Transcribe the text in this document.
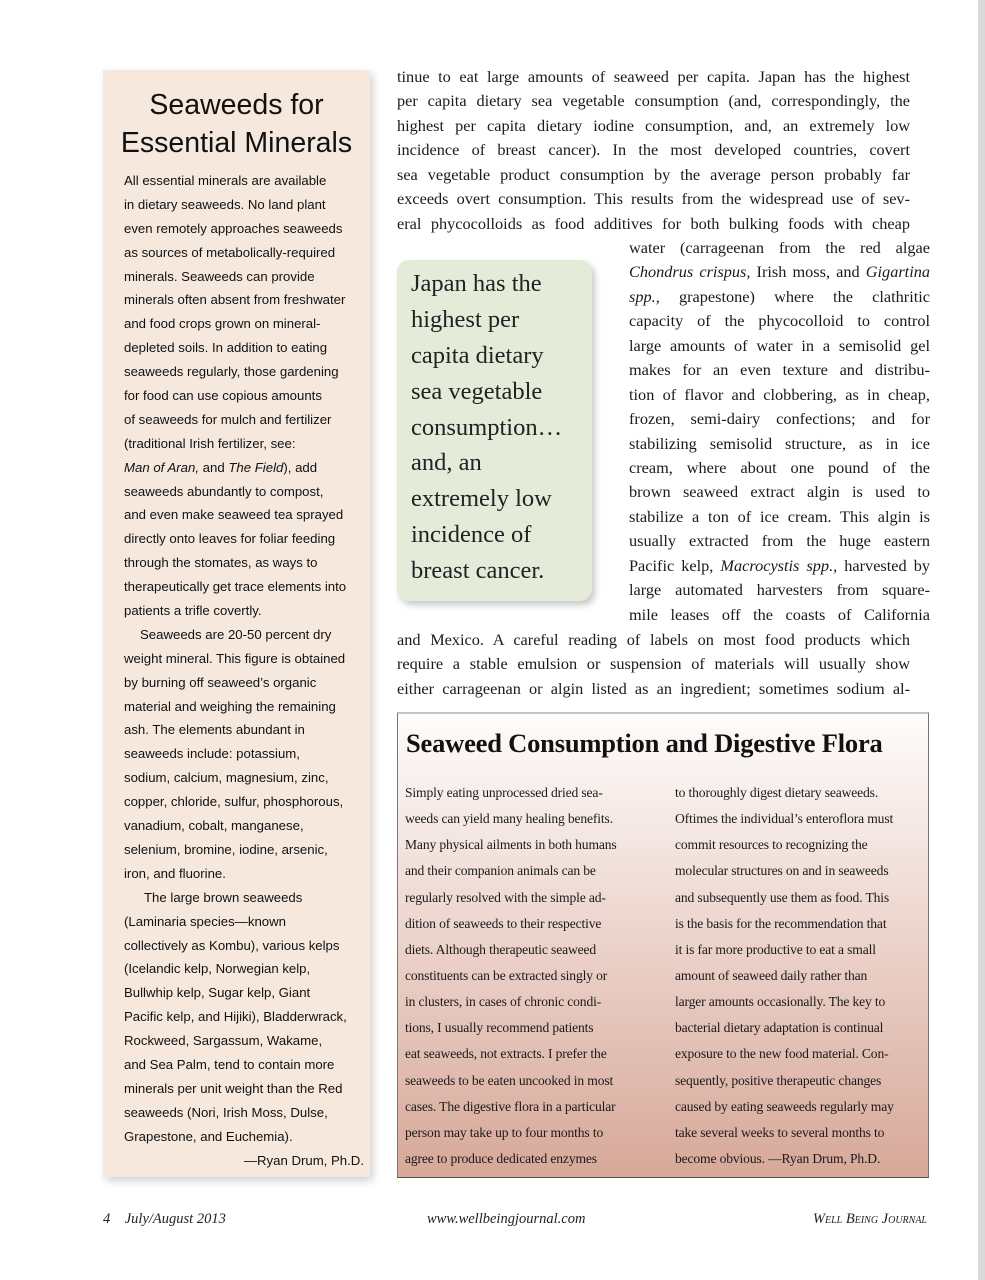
Seaweeds for
Essential Minerals
All essential minerals are available
in dietary seaweeds. No land plant
even remotely approaches seaweeds
as sources of metabolically-required
minerals. Seaweeds can provide
minerals often absent from freshwater
and food crops grown on mineral-
depleted soils. In addition to eating
seaweeds regularly, those gardening
for food can use copious amounts
of seaweeds for mulch and fertilizer
(traditional Irish fertilizer, see:
Man of Aran, and The Field), add
seaweeds abundantly to compost,
and even make seaweed tea sprayed
directly onto leaves for foliar feeding
through the stomates, as ways to
therapeutically get trace elements into
patients a trifle covertly.
Seaweeds are 20-50 percent dry
weight mineral. This figure is obtained
by burning off seaweed’s organic
material and weighing the remaining
ash. The elements abundant in
seaweeds include: potassium,
sodium, calcium, magnesium, zinc,
copper, chloride, sulfur, phosphorous,
vanadium, cobalt, manganese,
selenium, bromine, iodine, arsenic,
iron, and fluorine.
The large brown seaweeds
(Laminaria species—known
collectively as Kombu), various kelps
(Icelandic kelp, Norwegian kelp,
Bullwhip kelp, Sugar kelp, Giant
Pacific kelp, and Hijiki), Bladderwrack,
Rockweed, Sargassum, Wakame,
and Sea Palm, tend to contain more
minerals per unit weight than the Red
seaweeds (Nori, Irish Moss, Dulse,
Grapestone, and Euchemia).
—Ryan Drum, Ph.D.
tinue to eat large amounts of seaweed per capita. Japan has the highest
per capita dietary sea vegetable consumption (and, correspondingly, the
highest per capita dietary iodine consumption, and, an extremely low
incidence of breast cancer). In the most developed countries, covert
sea vegetable product consumption by the average person probably far
exceeds overt consumption. This results from the widespread use of sev-
eral phycocolloids as food additives for both bulking foods with cheap
water (carrageenan from the red algae
Chondrus crispus, Irish moss, and Gigartina
spp., grapestone) where the clathritic
capacity of the phycocolloid to control
large amounts of water in a semisolid gel
makes for an even texture and distribu-
tion of flavor and clobbering, as in cheap,
frozen, semi-dairy confections; and for
stabilizing semisolid structure, as in ice
cream, where about one pound of the
brown seaweed extract algin is used to
stabilize a ton of ice cream. This algin is
usually extracted from the huge eastern
Pacific kelp, Macrocystis spp., harvested by
large automated harvesters from square-
mile leases off the coasts of California
and Mexico. A careful reading of labels on most food products which
require a stable emulsion or suspension of materials will usually show
either carrageenan or algin listed as an ingredient; sometimes sodium al-
Japan has the
highest per
capita dietary
sea vegetable
consumption…
and, an
extremely low
incidence of
breast cancer.
Seaweed Consumption and Digestive Flora
Simply eating unprocessed dried sea-
weeds can yield many healing benefits.
Many physical ailments in both humans
and their companion animals can be
regularly resolved with the simple ad-
dition of seaweeds to their respective
diets. Although therapeutic seaweed
constituents can be extracted singly or
in clusters, in cases of chronic condi-
tions, I usually recommend patients
eat seaweeds, not extracts. I prefer the
seaweeds to be eaten uncooked in most
cases. The digestive flora in a particular
person may take up to four months to
agree to produce dedicated enzymes
to thoroughly digest dietary seaweeds.
Oftimes the individual’s enteroflora must
commit resources to recognizing the
molecular structures on and in seaweeds
and subsequently use them as food. This
is the basis for the recommendation that
it is far more productive to eat a small
amount of seaweed daily rather than
larger amounts occasionally. The key to
bacterial dietary adaptation is continual
exposure to the new food material. Con-
sequently, positive therapeutic changes
caused by eating seaweeds regularly may
take several weeks to several months to
become obvious. —Ryan Drum, Ph.D.
4 July/August 2013	www.wellbeingjournal.com	Well Being Journal
